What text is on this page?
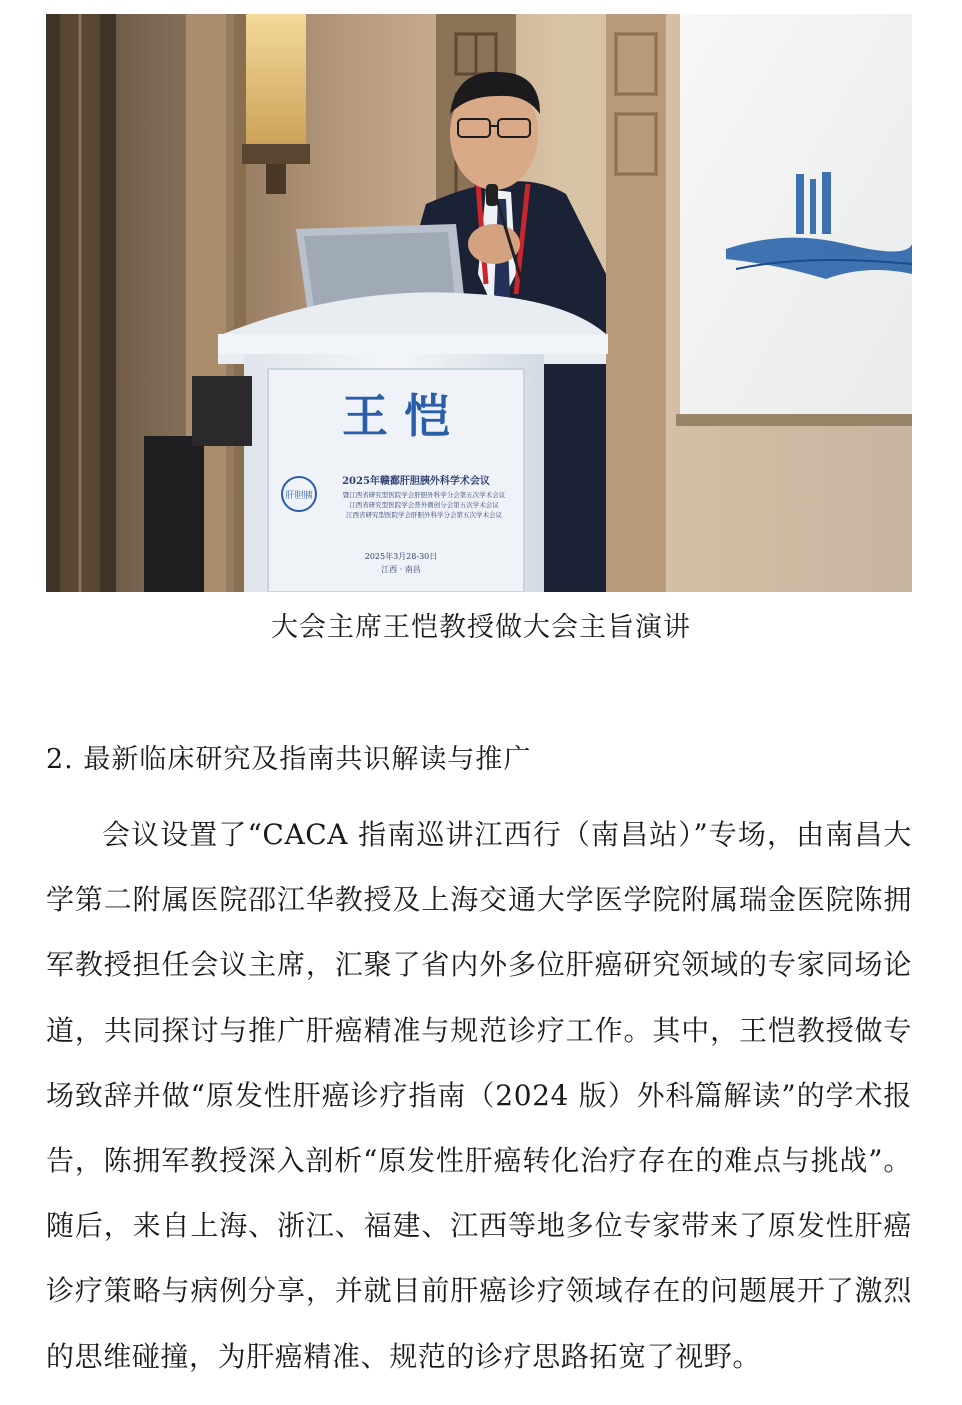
王 恺
肝胆胰
2025年赣鄱肝胆胰外科学术会议
暨江西省研究型医院学会肝胆外科学分会第五次学术会议
江西省研究型医院学会普外微创分会第五次学术会议
江西省研究型医院学会肝胆外科学分会第五次学术会议
2025年3月28-30日
江西 · 南昌
大会主席王恺教授做大会主旨演讲
2. 最新临床研究及指南共识解读与推广

会议设置了“CACA 指南巡讲江西行（南昌站）”专场，由南昌大学第二附属医院邵江华教授及上海交通大学医学院附属瑞金医院陈拥军教授担任会议主席，汇聚了省内外多位肝癌研究领域的专家同场论道，共同探讨与推广肝癌精准与规范诊疗工作。其中，王恺教授做专场致辞并做“原发性肝癌诊疗指南（2024 版）外科篇解读”的学术报告，陈拥军教授深入剖析“原发性肝癌转化治疗存在的难点与挑战”。随后，来自上海、浙江、福建、江西等地多位专家带来了原发性肝癌诊疗策略与病例分享，并就目前肝癌诊疗领域存在的问题展开了激烈的思维碰撞，为肝癌精准、规范的诊疗思路拓宽了视野。
